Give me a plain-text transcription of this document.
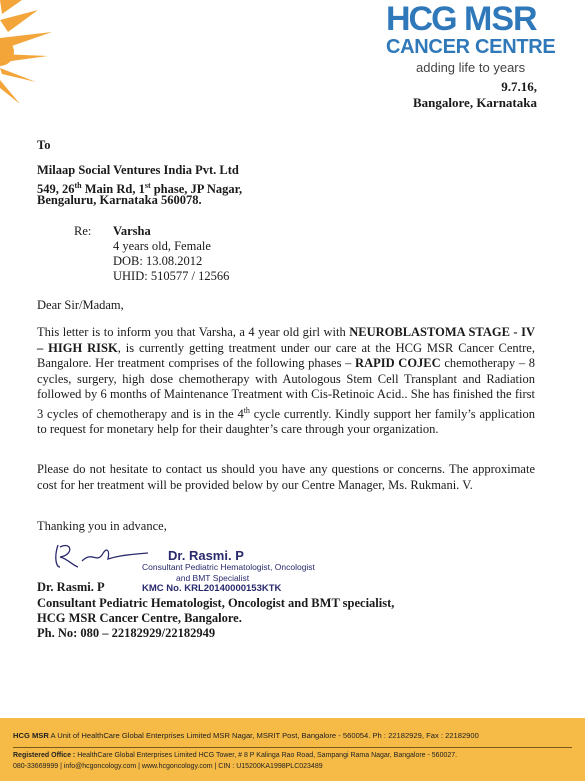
HCG MSR
CANCER CENTRE
adding life to years
9.7.16,
Bangalore, Karnataka
To
Milaap Social Ventures India Pvt. Ltd
549, 26th Main Rd, 1st phase, JP Nagar,
Bengaluru, Karnataka 560078.
Re: Varsha
4 years old, Female
DOB: 13.08.2012
UHID: 510577 / 12566
Dear Sir/Madam,
This letter is to inform you that Varsha, a 4 year old girl with NEUROBLASTOMA STAGE - IV – HIGH RISK, is currently getting treatment under our care at the HCG MSR Cancer Centre, Bangalore. Her treatment comprises of the following phases – RAPID COJEC chemotherapy – 8 cycles, surgery, high dose chemotherapy with Autologous Stem Cell Transplant and Radiation followed by 6 months of Maintenance Treatment with Cis-Retinoic Acid.. She has finished the first 3 cycles of chemotherapy and is in the 4th cycle currently. Kindly support her family’s application to request for monetary help for their daughter’s care through your organization.
Please do not hesitate to contact us should you have any questions or concerns. The approximate cost for her treatment will be provided below by our Centre Manager, Ms. Rukmani. V.
Thanking you in advance,
Dr. Rasmi. P
Consultant Pediatric Hematologist, Oncologist
and BMT Specialist
KMC No. KRL20140000153KTK
Dr. Rasmi. P
Consultant Pediatric Hematologist, Oncologist and BMT specialist,
HCG MSR Cancer Centre, Bangalore.
Ph. No: 080 – 22182929/22182949
HCG MSR A Unit of HealthCare Global Enterprises Limited MSR Nagar, MSRIT Post, Bangalore - 560054. Ph : 22182929, Fax : 22182900
Registered Office : HealthCare Global Enterprises Limited HCG Tower, # 8 P Kalinga Rao Road, Sampangi Rama Nagar, Bangalore - 560027.
080-33669999 | info@hcgoncology.com | www.hcgoncology.com | CIN : U15200KA1998PLC023489
